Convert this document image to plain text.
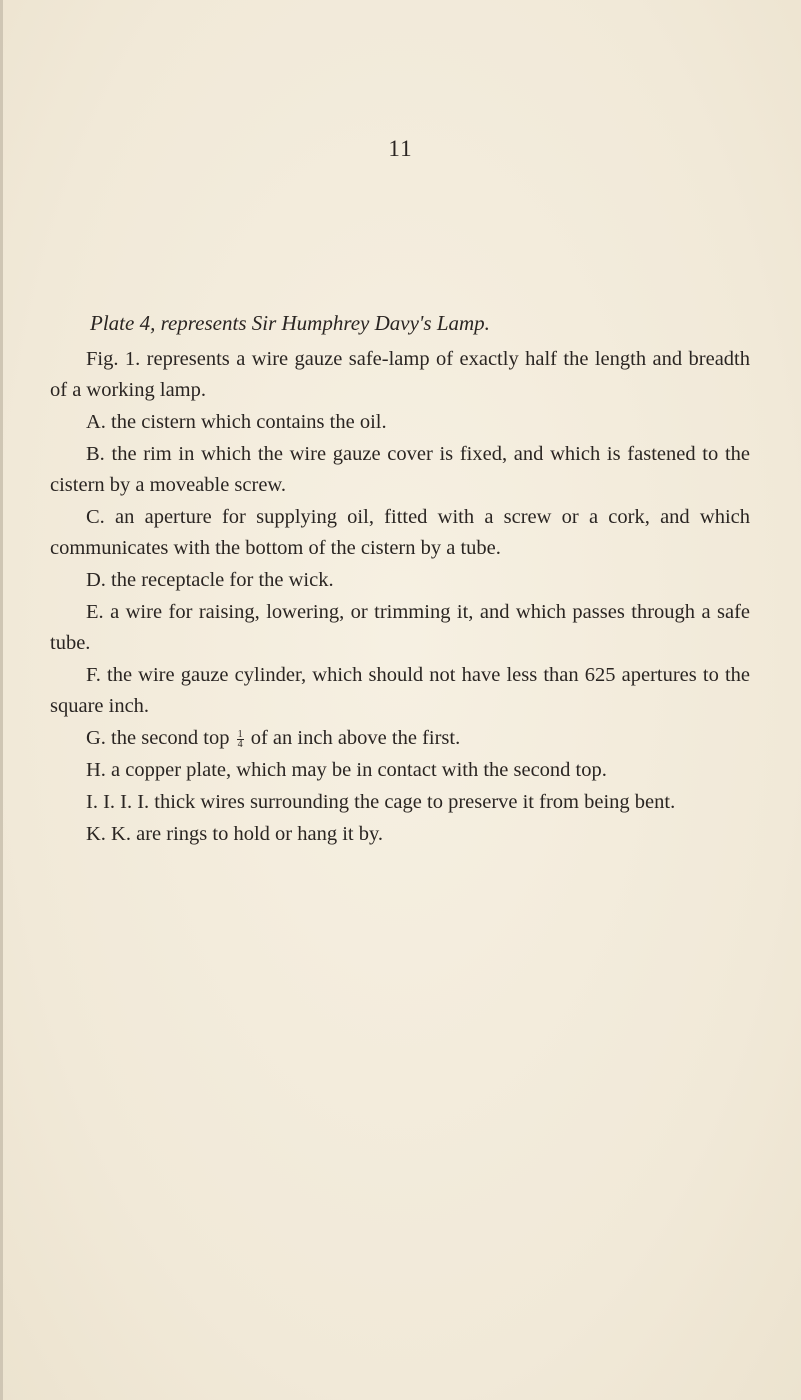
11

Plate 4, represents Sir Humphrey Davy's Lamp.

Fig. 1. represents a wire gauze safe-lamp of exactly half the length and breadth of a working lamp.

A. the cistern which contains the oil.

B. the rim in which the wire gauze cover is fixed, and which is fastened to the cistern by a moveable screw.

C. an aperture for supplying oil, fitted with a screw or a cork, and which communicates with the bottom of the cistern by a tube.

D. the receptacle for the wick.

E. a wire for raising, lowering, or trimming it, and which passes through a safe tube.

F. the wire gauze cylinder, which should not have less than 625 apertures to the square inch.

G. the second top $\frac{1}{4}$ of an inch above the first.

H. a copper plate, which may be in contact with the second top.

I. I. I. I. thick wires surrounding the cage to preserve it from being bent.

K. K. are rings to hold or hang it by.
